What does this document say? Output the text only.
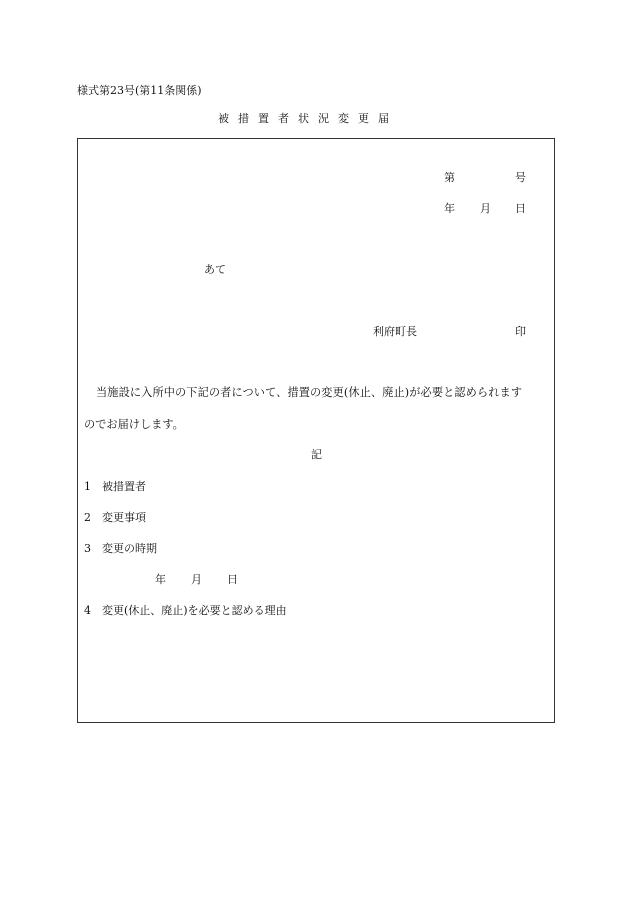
様式第23号(第11条関係)
被措置者状況変更届
第	号
年 月 日
あて
利府町長	印
当施設に入所中の下記の者について、措置の変更(休止、廃止)が必要と認められます
のでお届けします。
記
1 被措置者
2 変更事項
3 変更の時期
年 月 日
4 変更(休止、廃止)を必要と認める理由
